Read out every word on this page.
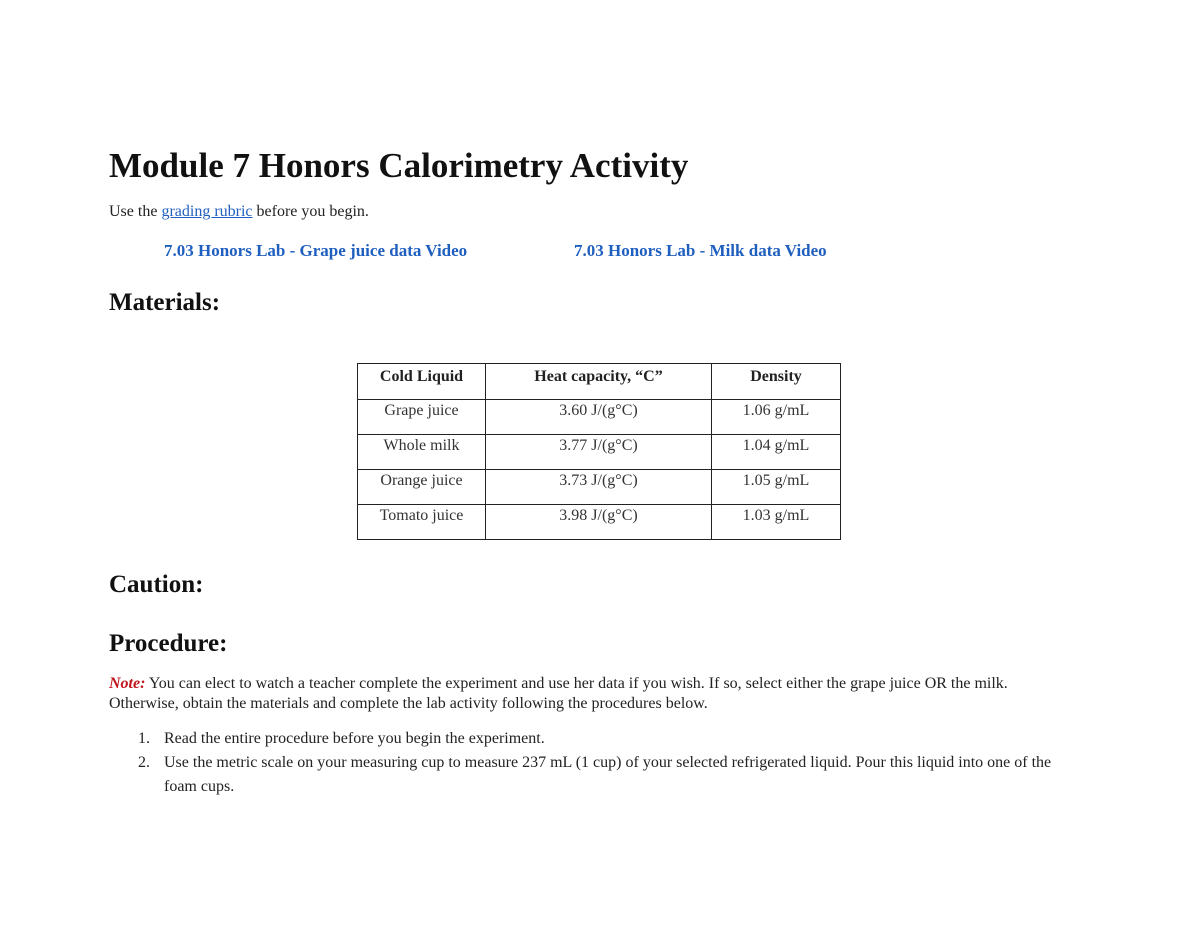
Module 7 Honors Calorimetry Activity
Use the grading rubric before you begin.
7.03 Honors Lab - Grape juice data Video	7.03 Honors Lab - Milk data Video
Materials:
Cold Liquid	Heat capacity, “C”	Density
Grape juice	3.60 J/(g°C)	1.06 g/mL
Whole milk	3.77 J/(g°C)	1.04 g/mL
Orange juice	3.73 J/(g°C)	1.05 g/mL
Tomato juice	3.98 J/(g°C)	1.03 g/mL
Caution:
Procedure:
Note: You can elect to watch a teacher complete the experiment and use her data if you wish. If so, select either the grape juice OR the milk. Otherwise, obtain the materials and complete the lab activity following the procedures below.
1. Read the entire procedure before you begin the experiment.
2. Use the metric scale on your measuring cup to measure 237 mL (1 cup) of your selected refrigerated liquid. Pour this liquid into one of the foam cups.
